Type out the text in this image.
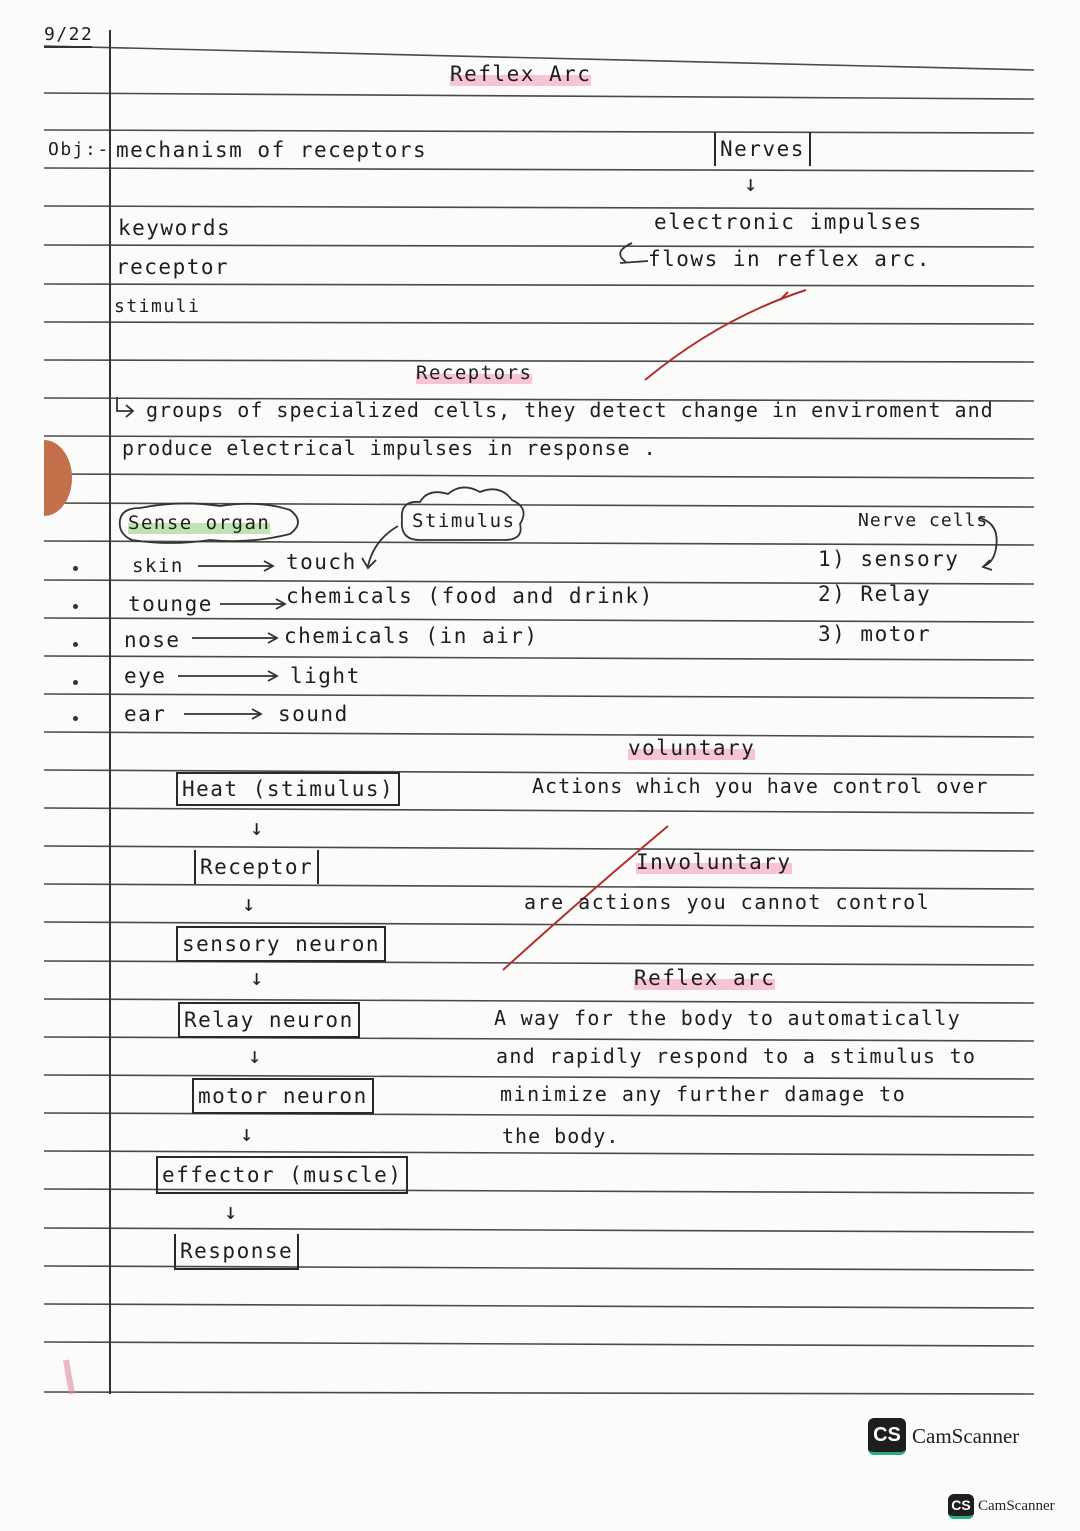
9/22
Reflex Arc
Obj:- mechanism of receptors	Nerves
↓
electronic impulses
flows in reflex arc.
keywords
receptor
stimuli
Receptors
groups of specialized cells, they detect change in enviroment and
produce electrical impulses in response .
Sense organ	Stimulus
skin	touch
tounge	chemicals (food and drink)
nose	chemicals (in air)
eye	light
ear	sound
Nerve cells
1) sensory
2) Relay
3) motor
Heat (stimulus)
↓
Receptor
↓
sensory neuron
↓
Relay neuron
↓
motor neuron
↓
effector (muscle)
↓
Response
voluntary
Actions which you have control over
Involuntary
are actions you cannot control
Reflex arc
A way for the body to automatically
and rapidly respond to a stimulus to
minimize any further damage to
the body.
CS CamScanner
CS CamScanner
